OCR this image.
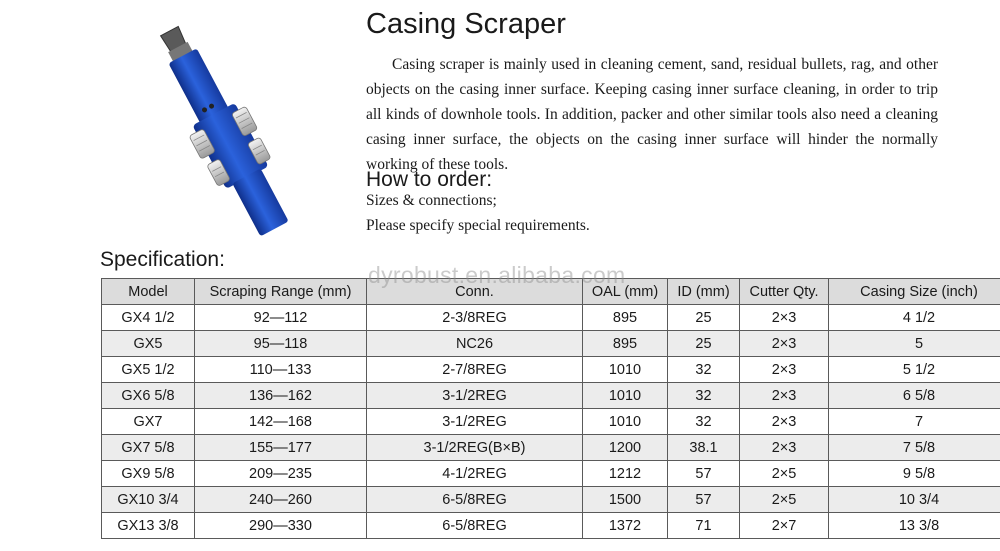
Casing Scraper

Casing scraper is mainly used in cleaning cement, sand, residual bullets, rag, and other objects on the casing inner surface. Keeping casing inner surface cleaning, in order to trip all kinds of downhole tools. In addition, packer and other similar tools also need a cleaning casing inner surface, the objects on the casing inner surface will hinder the normally working of these tools.

How to order:

Sizes & connections;

Please specify special requirements.

Specification:
Model	Scraping Range (mm)	Conn.	OAL (mm)	ID (mm)	Cutter Qty.	Casing Size (inch)
GX4 1/2	92—112	2-3/8REG	895	25	2×3	4 1/2
GX5	95—118	NC26	895	25	2×3	5
GX5 1/2	110—133	2-7/8REG	1010	32	2×3	5 1/2
GX6 5/8	136—162	3-1/2REG	1010	32	2×3	6 5/8
GX7	142—168	3-1/2REG	1010	32	2×3	7
GX7 5/8	155—177	3-1/2REG(B×B)	1200	38.1	2×3	7 5/8
GX9 5/8	209—235	4-1/2REG	1212	57	2×5	9 5/8
GX10 3/4	240—260	6-5/8REG	1500	57	2×5	10 3/4
GX13 3/8	290—330	6-5/8REG	1372	71	2×7	13 3/8
dyrobust.en.alibaba.com
